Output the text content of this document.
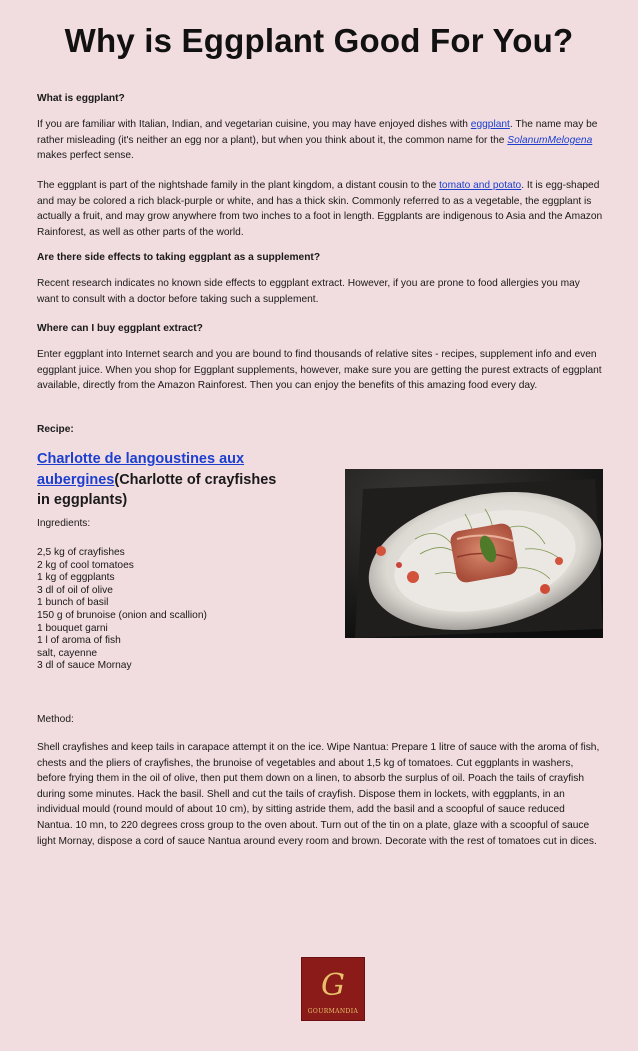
Why is Eggplant Good For You?
What is eggplant?
If you are familiar with Italian, Indian, and vegetarian cuisine, you may have enjoyed dishes with eggplant. The name may be rather misleading (it's neither an egg nor a plant), but when you think about it, the common name for the SolanumMelogena makes perfect sense.
The eggplant is part of the nightshade family in the plant kingdom, a distant cousin to the tomato and potato. It is egg-shaped and may be colored a rich black-purple or white, and has a thick skin. Commonly referred to as a vegetable, the eggplant is actually a fruit, and may grow anywhere from two inches to a foot in length. Eggplants are indigenous to Asia and the Amazon Rainforest, as well as other parts of the world.
Are there side effects to taking eggplant as a supplement?
Recent research indicates no known side effects to eggplant extract. However, if you are prone to food allergies you may want to consult with a doctor before taking such a supplement.
Where can I buy eggplant extract?
Enter eggplant into Internet search and you are bound to find thousands of relative sites - recipes, supplement info and even eggplant juice. When you shop for Eggplant supplements, however, make sure you are getting the purest extracts of eggplant available, directly from the Amazon Rainforest. Then you can enjoy the benefits of this amazing food every day.
Recipe:
Charlotte de langoustines aux aubergines(Charlotte of crayfishes in eggplants)
Ingredients:
2,5 kg of crayfishes
2 kg of cool tomatoes
1 kg of eggplants
3 dl of oil of olive
1 bunch of basil
150 g of brunoise (onion and scallion)
1 bouquet garni
1 l of aroma of fish
salt, cayenne
3 dl of sauce Mornay
Method:
Shell crayfishes and keep tails in carapace attempt it on the ice. Wipe Nantua: Prepare 1 litre of sauce with the aroma of fish, chests and the pliers of crayfishes, the brunoise of vegetables and about 1,5 kg of tomatoes. Cut eggplants in washers, before frying them in the oil of olive, then put them down on a linen, to absorb the surplus of oil. Poach the tails of crayfish during some minutes. Hack the basil. Shell and cut the tails of crayfish. Dispose them in lockets, with eggplants, in an individual mould (round mould of about 10 cm), by sitting astride them, add the basil and a scoopful of sauce reduced Nantua. 10 mn, to 220 degrees cross group to the oven about. Turn out of the tin on a plate, glaze with a scoopful of sauce light Mornay, dispose a cord of sauce Nantua around every room and brown. Decorate with the rest of tomatoes cut in dices.
G
GOURMANDIA
